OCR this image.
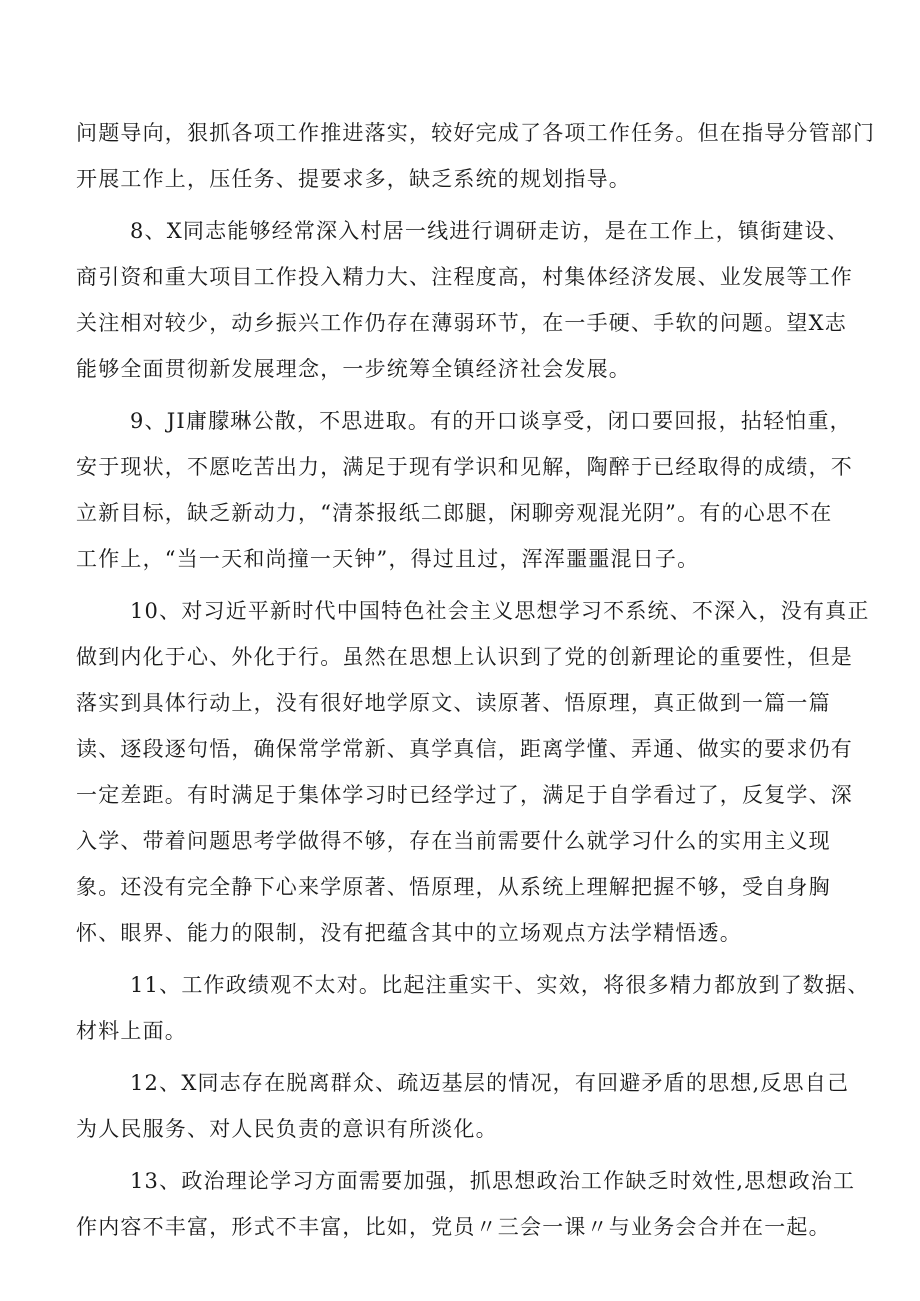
问题导向，狠抓各项工作推进落实，较好完成了各项工作任务。但在指导分管部门
开展工作上，压任务、提要求多，缺乏系统的规划指导。
8、X同志能够经常深入村居一线进行调研走访，是在工作上，镇街建设、
商引资和重大项目工作投入精力大、注程度高，村集体经济发展、业发展等工作
关注相对较少，动乡振兴工作仍存在薄弱环节，在一手硬、手软的问题。望X志
能够全面贯彻新发展理念，一步统筹全镇经济社会发展。
9、JI庸朦琳公散，不思进取。有的开口谈享受，闭口要回报，拈轻怕重，
安于现状，不愿吃苦出力，满足于现有学识和见解，陶醉于已经取得的成绩，不
立新目标，缺乏新动力，“清茶报纸二郎腿，闲聊旁观混光阴”。有的心思不在
工作上，“当一天和尚撞一天钟”，得过且过，浑浑噩噩混日子。
10、对习近平新时代中国特色社会主义思想学习不系统、不深入，没有真正
做到内化于心、外化于行。虽然在思想上认识到了党的创新理论的重要性，但是
落实到具体行动上，没有很好地学原文、读原著、悟原理，真正做到一篇一篇
读、逐段逐句悟，确保常学常新、真学真信，距离学懂、弄通、做实的要求仍有
一定差距。有时满足于集体学习时已经学过了，满足于自学看过了，反复学、深
入学、带着问题思考学做得不够，存在当前需要什么就学习什么的实用主义现
象。还没有完全静下心来学原著、悟原理，从系统上理解把握不够，受自身胸
怀、眼界、能力的限制，没有把蕴含其中的立场观点方法学精悟透。
11、工作政绩观不太对。比起注重实干、实效，将很多精力都放到了数据、
材料上面。
12、X同志存在脱离群众、疏迈基层的情况，有回避矛盾的思想,反思自己
为人民服务、对人民负责的意识有所淡化。
13、政治理论学习方面需要加强，抓思想政治工作缺乏时效性,思想政治工
作内容不丰富，形式不丰富，比如，党员〃三会一课〃与业务会合并在一起。
